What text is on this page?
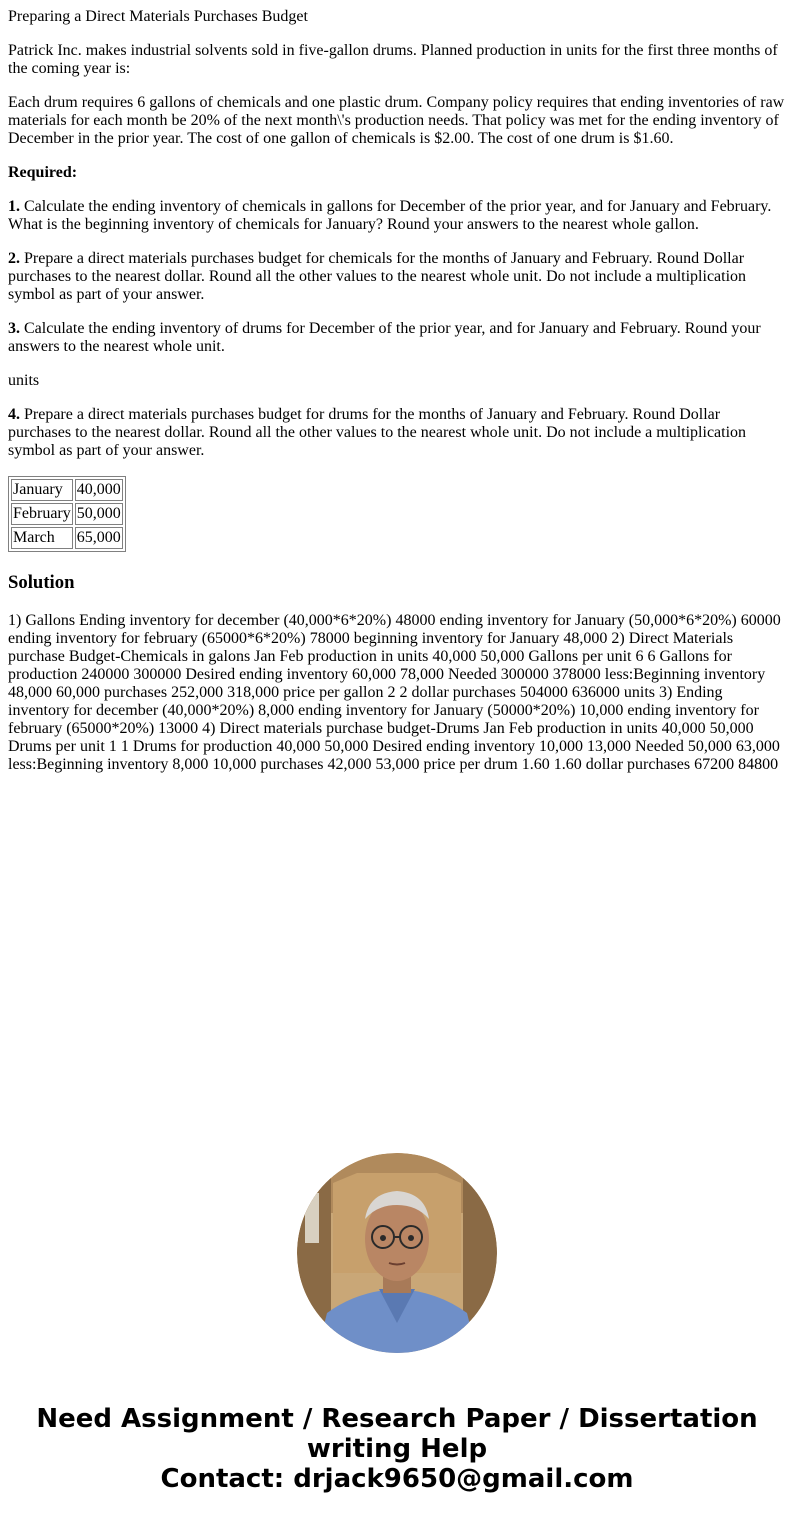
Preparing a Direct Materials Purchases Budget

Patrick Inc. makes industrial solvents sold in five-gallon drums. Planned production in units for the first three months of the coming year is:

Each drum requires 6 gallons of chemicals and one plastic drum. Company policy requires that ending inventories of raw materials for each month be 20% of the next month\'s production needs. That policy was met for the ending inventory of December in the prior year. The cost of one gallon of chemicals is $2.00. The cost of one drum is $1.60.

Required:

1. Calculate the ending inventory of chemicals in gallons for December of the prior year, and for January and February. What is the beginning inventory of chemicals for January? Round your answers to the nearest whole gallon.

2. Prepare a direct materials purchases budget for chemicals for the months of January and February. Round Dollar purchases to the nearest dollar. Round all the other values to the nearest whole unit. Do not include a multiplication symbol as part of your answer.

3. Calculate the ending inventory of drums for December of the prior year, and for January and February. Round your answers to the nearest whole unit.

units

4. Prepare a direct materials purchases budget for drums for the months of January and February. Round Dollar purchases to the nearest dollar. Round all the other values to the nearest whole unit. Do not include a multiplication symbol as part of your answer.

January	40,000
February	50,000
March	65,000
Solution

1) Gallons Ending inventory for december (40,000*6*20%) 48000 ending inventory for January (50,000*6*20%) 60000 ending inventory for february (65000*6*20%) 78000 beginning inventory for January 48,000 2) Direct Materials purchase Budget-Chemicals in galons Jan Feb production in units 40,000 50,000 Gallons per unit 6 6 Gallons for production 240000 300000 Desired ending inventory 60,000 78,000 Needed 300000 378000 less:Beginning inventory 48,000 60,000 purchases 252,000 318,000 price per gallon 2 2 dollar purchases 504000 636000 units 3) Ending inventory for december (40,000*20%) 8,000 ending inventory for January (50000*20%) 10,000 ending inventory for february (65000*20%) 13000 4) Direct materials purchase budget-Drums Jan Feb production in units 40,000 50,000 Drums per unit 1 1 Drums for production 40,000 50,000 Desired ending inventory 10,000 13,000 Needed 50,000 63,000 less:Beginning inventory 8,000 10,000 purchases 42,000 53,000 price per drum 1.60 1.60 dollar purchases 67200 84800

Need Assignment / Research Paper / Dissertation writing Help
Contact: drjack9650@gmail.com
